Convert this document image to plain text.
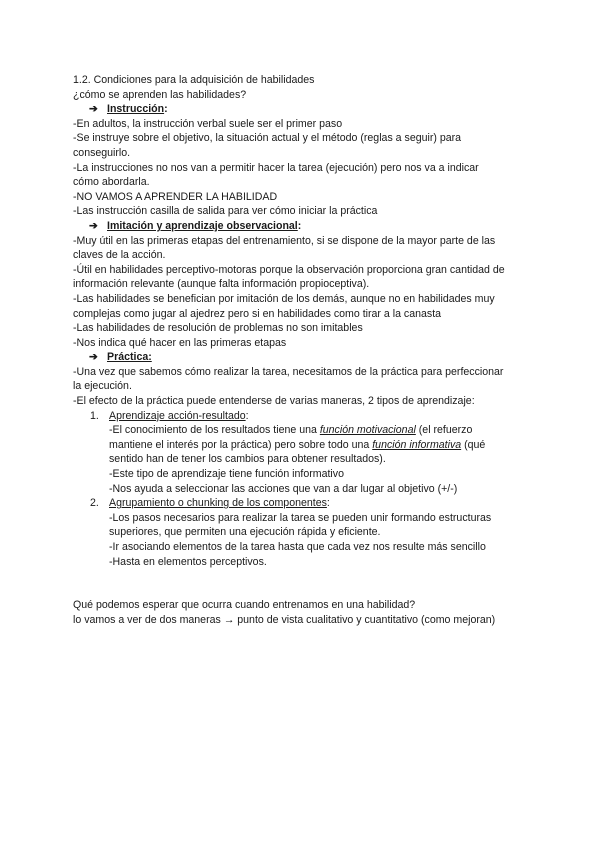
1.2. Condiciones para la adquisición de habilidades

¿cómo se aprenden las habilidades?

➔ Instrucción:

-En adultos, la instrucción verbal suele ser el primer paso

-Se instruye sobre el objetivo, la situación actual y el método (reglas a seguir) para

conseguirlo.

-La instrucciones no nos van a permitir hacer la tarea (ejecución) pero nos va a indicar

cómo abordarla.

-NO VAMOS A APRENDER LA HABILIDAD

-Las instrucción casilla de salida para ver cómo iniciar la práctica

➔ Imitación y aprendizaje observacional:

-Muy útil en las primeras etapas del entrenamiento, si se dispone de la mayor parte de las

claves de la acción.

-Útil en habilidades perceptivo-motoras porque la observación proporciona gran cantidad de

información relevante (aunque falta información propioceptiva).

-Las habilidades se benefician por imitación de los demás, aunque no en habilidades muy

complejas como jugar al ajedrez pero si en habilidades como tirar a la canasta

-Las habilidades de resolución de problemas no son imitables

-Nos indica qué hacer en las primeras etapas

➔ Práctica:

-Una vez que sabemos cómo realizar la tarea, necesitamos de la práctica para perfeccionar

la ejecución.

-El efecto de la práctica puede entenderse de varias maneras, 2 tipos de aprendizaje:

1. Aprendizaje acción-resultado:

-El conocimiento de los resultados tiene una función motivacional (el refuerzo

mantiene el interés por la práctica) pero sobre todo una función informativa (qué

sentido han de tener los cambios para obtener resultados).

-Este tipo de aprendizaje tiene función informativo

-Nos ayuda a seleccionar las acciones que van a dar lugar al objetivo (+/-)

2. Agrupamiento o chunking de los componentes:

-Los pasos necesarios para realizar la tarea se pueden unir formando estructuras

superiores, que permiten una ejecución rápida y eficiente.

-Ir asociando elementos de la tarea hasta que cada vez nos resulte más sencillo

-Hasta en elementos perceptivos.

Qué podemos esperar que ocurra cuando entrenamos en una habilidad?

lo vamos a ver de dos maneras → punto de vista cualitativo y cuantitativo (como mejoran)
